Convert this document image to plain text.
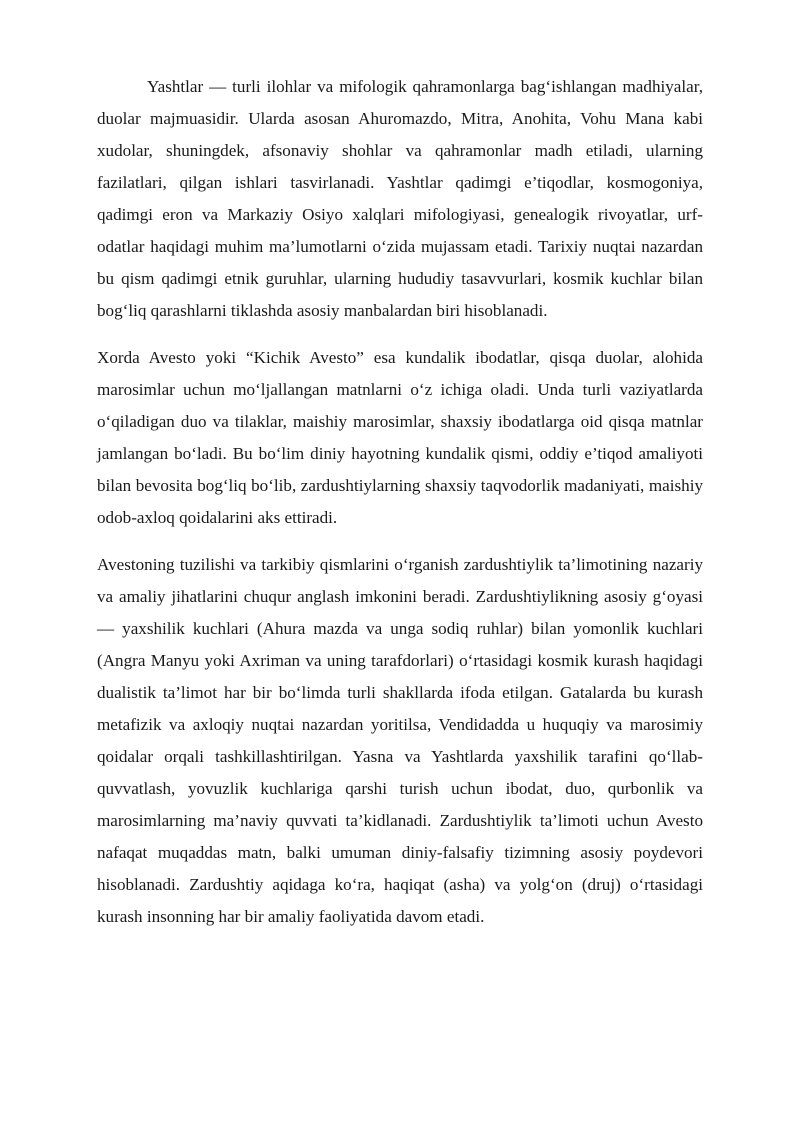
Yashtlar — turli ilohlar va mifologik qahramonlarga bag‘ishlangan madhiyalar, duolar majmuasidir. Ularda asosan Ahuromazdo, Mitra, Anohita, Vohu Mana kabi xudolar, shuningdek, afsonaviy shohlar va qahramonlar madh etiladi, ularning fazilatlari, qilgan ishlari tasvirlanadi. Yashtlar qadimgi e’tiqodlar, kosmogoniya, qadimgi eron va Markaziy Osiyo xalqlari mifologiyasi, genealogik rivoyatlar, urf-odatlar haqidagi muhim ma’lumotlarni o‘zida mujassam etadi. Tarixiy nuqtai nazardan bu qism qadimgi etnik guruhlar, ularning hududiy tasavvurlari, kosmik kuchlar bilan bog‘liq qarashlarni tiklashda asosiy manbalardan biri hisoblanadi.

Xorda Avesto yoki “Kichik Avesto” esa kundalik ibodatlar, qisqa duolar, alohida marosimlar uchun mo‘ljallangan matnlarni o‘z ichiga oladi. Unda turli vaziyatlarda o‘qiladigan duo va tilaklar, maishiy marosimlar, shaxsiy ibodatlarga oid qisqa matnlar jamlangan bo‘ladi. Bu bo‘lim diniy hayotning kundalik qismi, oddiy e’tiqod amaliyoti bilan bevosita bog‘liq bo‘lib, zardushtiylarning shaxsiy taqvodorlik madaniyati, maishiy odob-axloq qoidalarini aks ettiradi.

Avestoning tuzilishi va tarkibiy qismlarini o‘rganish zardushtiylik ta’limotining nazariy va amaliy jihatlarini chuqur anglash imkonini beradi. Zardushtiylikning asosiy g‘oyasi — yaxshilik kuchlari (Ahura mazda va unga sodiq ruhlar) bilan yomonlik kuchlari (Angra Manyu yoki Axriman va uning tarafdorlari) o‘rtasidagi kosmik kurash haqidagi dualistik ta’limot har bir bo‘limda turli shakllarda ifoda etilgan. Gatalarda bu kurash metafizik va axloqiy nuqtai nazardan yoritilsa, Vendidadda u huquqiy va marosimiy qoidalar orqali tashkillashtirilgan. Yasna va Yashtlarda yaxshilik tarafini qo‘llab-quvvatlash, yovuzlik kuchlariga qarshi turish uchun ibodat, duo, qurbonlik va marosimlarning ma’naviy quvvati ta’kidlanadi. Zardushtiylik ta’limoti uchun Avesto nafaqat muqaddas matn, balki umuman diniy-falsafiy tizimning asosiy poydevori hisoblanadi. Zardushtiy aqidaga ko‘ra, haqiqat (asha) va yolg‘on (druj) o‘rtasidagi kurash insonning har bir amaliy faoliyatida davom etadi.
